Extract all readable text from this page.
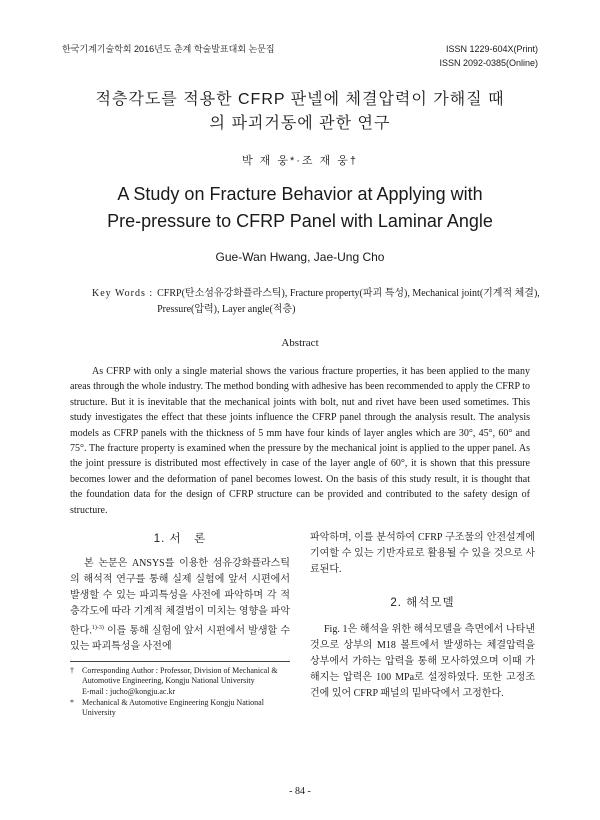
한국기계기술학회 2016년도 춘계 학술발표대회 논문집	ISSN 1229-604X(Print)
ISSN 2092-0385(Online)
적층각도를 적용한 CFRP 판넬에 체결압력이 가해질 때
의 파괴거동에 관한 연구
박 재 웅*·조 재 웅†
A Study on Fracture Behavior at Applying with
Pre-pressure to CFRP Panel with Laminar Angle
Gue-Wan Hwang, Jae-Ung Cho
Key Words : CFRP(탄소섬유강화플라스틱), Fracture property(파괴 특성), Mechanical joint(기계적 체결), Pressure(압력), Layer angle(적층)
Abstract

As CFRP with only a single material shows the various fracture properties, it has been applied to the many areas through the whole industry. The method bonding with adhesive has been recommended to apply the CFRP to structure. But it is inevitable that the mechanical joints with bolt, nut and rivet have been used sometimes. This study investigates the effect that these joints influence the CFRP panel through the analysis result. The analysis models as CFRP panels with the thickness of 5 mm have four kinds of layer angles which are 30°, 45°, 60° and 75°. The fracture property is examined when the pressure by the mechanical joint is applied to the upper panel. As the joint pressure is distributed most effectively in case of the layer angle of 60°, it is shown that this pressure becomes lower and the deformation of panel becomes lowest. On the basis of this study result, it is thought that the foundation data for the design of CFRP structure can be provided and contributed to the safety design of structure.

1. 서　론

본 논문은 ANSYS를 이용한 섬유강화플라스틱의 해석적 연구를 통해 실제 실험에 앞서 시편에서 발생할 수 있는 파괴특성을 사전에 파악하며 각 적층각도에 따라 기계적 체결법이 미치는 영향을 파악한다.$^{1)-3)}$ 이를 통해 실험에 앞서 시편에서 발생할 수 있는 파괴특성을 사전에

†	Corresponding Author : Professor, Division of Mechanical & Automotive Engineering, Kongju National University
E-mail : jucho@kongju.ac.kr
*	Mechanical & Automotive Engineering Kongju National University

파악하며, 이를 분석하여 CFRP 구조물의 안전설계에 기여할 수 있는 기반자료로 활용될 수 있을 것으로 사료된다.

2. 해석모델

Fig. 1은 해석을 위한 해석모델을 측면에서 나타낸 것으로 상부의 M18 볼트에서 발생하는 체결압력을 상부에서 가하는 압력을 통해 모사하였으며 이때 가해지는 압력은 100 MPa로 설정하였다. 또한 고정조건에 있어 CFRP 패널의 밑바닥에서 고정한다.

- 84 -
